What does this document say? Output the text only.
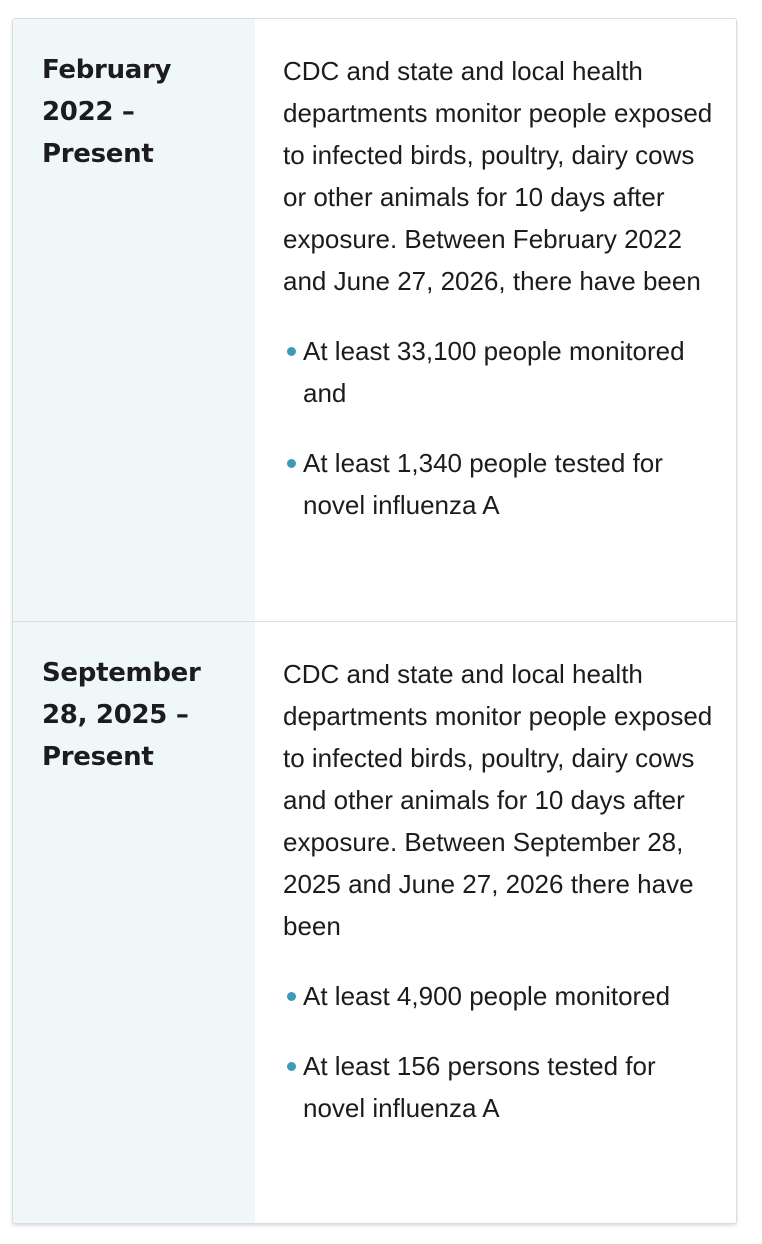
February
2022 –
Present

CDC and state and local health departments monitor people exposed to infected birds, poultry, dairy cows or other animals for 10 days after exposure. Between February 2022 and June 27, 2026, there have been

At least 33,100 people monitored and
At least 1,340 people tested for novel influenza A
September
28, 2025 –
Present

CDC and state and local health departments monitor people exposed to infected birds, poultry, dairy cows and other animals for 10 days after exposure. Between September 28, 2025 and June 27, 2026 there have been

At least 4,900 people monitored
At least 156 persons tested for novel influenza A
